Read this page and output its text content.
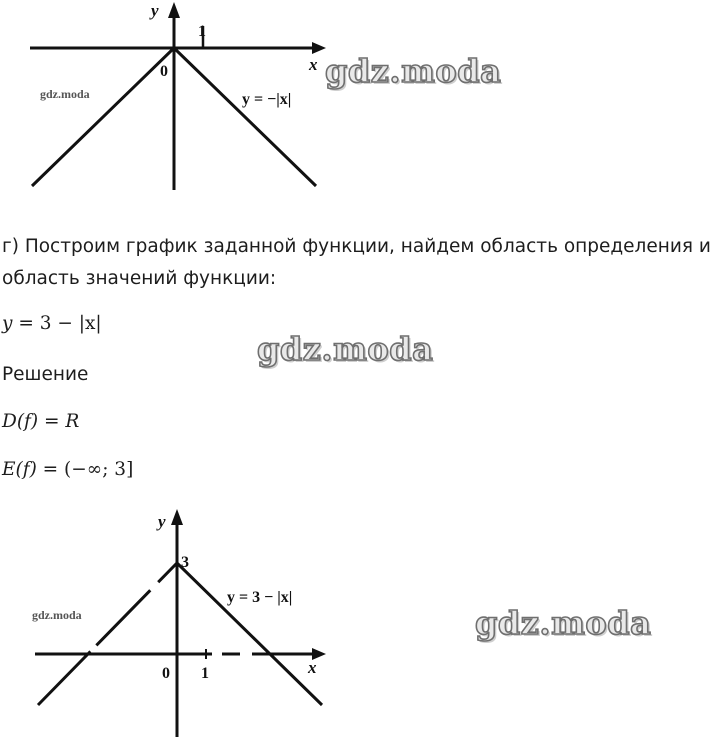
y
x
1
0
y = −|x|
gdz.moda
gdz.moda
г) Построим график заданной функции, найдем область определения и
область значений функции:
y = 3 − |x|
gdz.moda
Решение
D(f) = R
E(f) = (−∞; 3]
y
x
3
1
0
y = 3 − |x|
gdz.moda	gdz.moda
